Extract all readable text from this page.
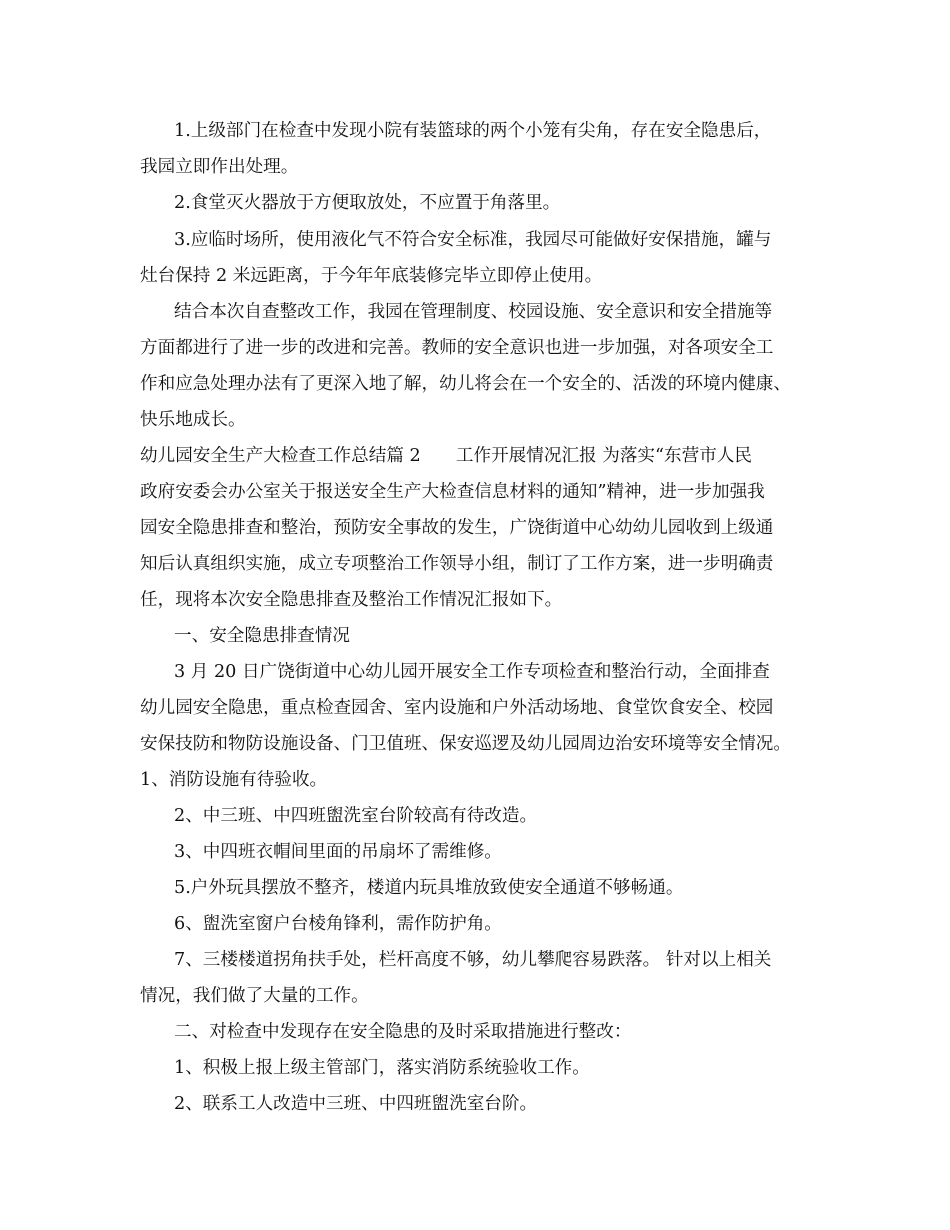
1.上级部门在检查中发现小院有装篮球的两个小笼有尖角，存在安全隐患后，
我园立即作出处理。
2.食堂灭火器放于方便取放处，不应置于角落里。
3.应临时场所，使用液化气不符合安全标准，我园尽可能做好安保措施，罐与
灶台保持 2 米远距离，于今年年底装修完毕立即停止使用。
结合本次自查整改工作，我园在管理制度、校园设施、安全意识和安全措施等
方面都进行了进一步的改进和完善。教师的安全意识也进一步加强，对各项安全工
作和应急处理办法有了更深入地了解，幼儿将会在一个安全的、活泼的环境内健康、
快乐地成长。
幼儿园安全生产大检查工作总结篇 2　　工作开展情况汇报 为落实“东营市人民
政府安委会办公室关于报送安全生产大检查信息材料的通知”精神，进一步加强我
园安全隐患排查和整治，预防安全事故的发生，广饶街道中心幼幼儿园收到上级通
知后认真组织实施，成立专项整治工作领导小组，制订了工作方案，进一步明确责
任，现将本次安全隐患排查及整治工作情况汇报如下。
一、安全隐患排查情况
3 月 20 日广饶街道中心幼儿园开展安全工作专项检查和整治行动，全面排查
幼儿园安全隐患，重点检查园舍、室内设施和户外活动场地、食堂饮食安全、校园
安保技防和物防设施设备、门卫值班、保安巡逻及幼儿园周边治安环境等安全情况。
1、消防设施有待验收。
2、中三班、中四班盥洗室台阶较高有待改造。
3、中四班衣帽间里面的吊扇坏了需维修。
5.户外玩具摆放不整齐，楼道内玩具堆放致使安全通道不够畅通。
6、盥洗室窗户台棱角锋利，需作防护角。
7、三楼楼道拐角扶手处，栏杆高度不够，幼儿攀爬容易跌落。 针对以上相关
情况，我们做了大量的工作。
二、对检查中发现存在安全隐患的及时采取措施进行整改：
1、积极上报上级主管部门，落实消防系统验收工作。
2、联系工人改造中三班、中四班盥洗室台阶。
